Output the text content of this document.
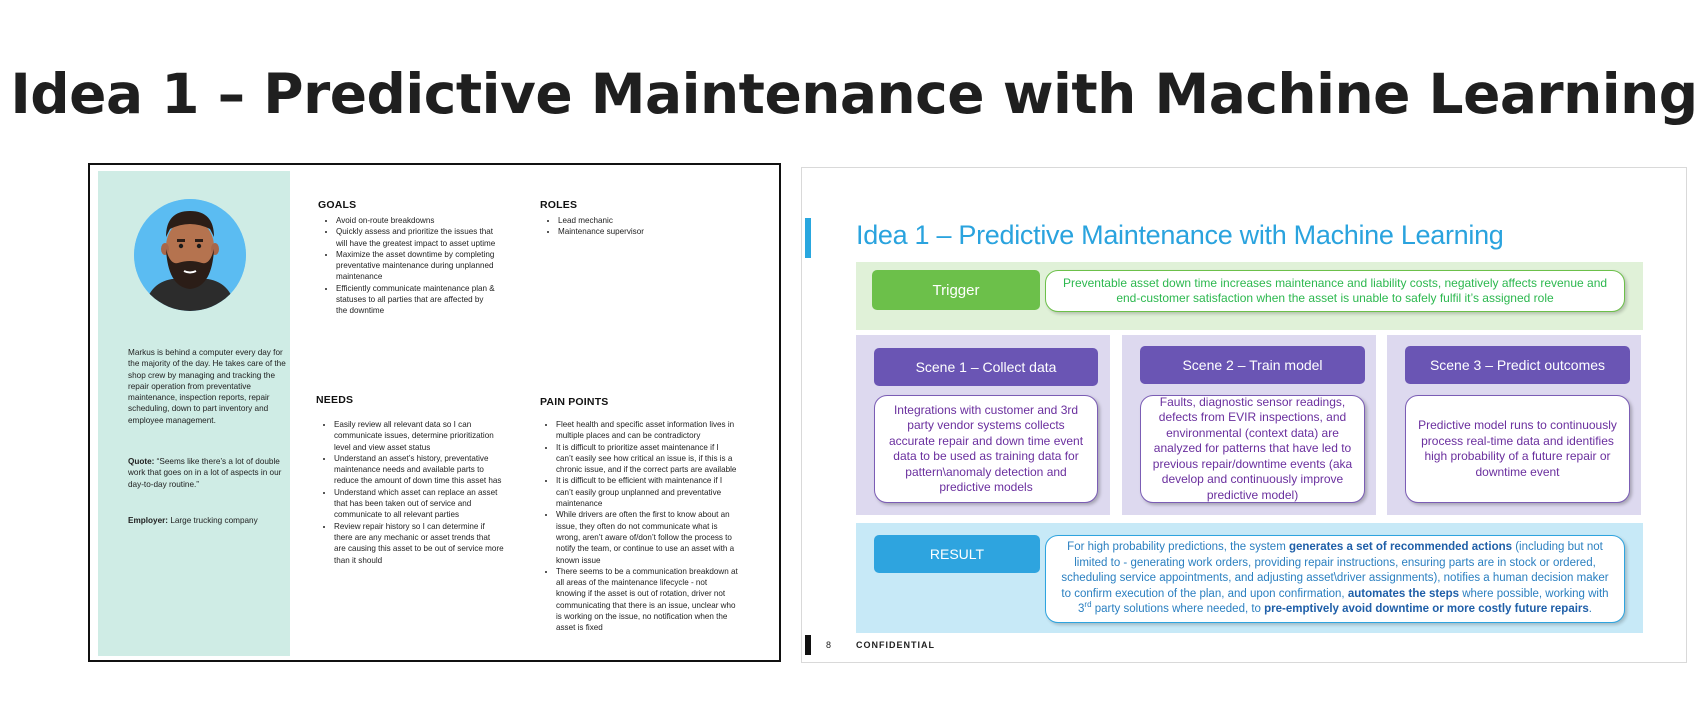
Idea 1 – Predictive Maintenance with Machine Learning
Markus is behind a computer every day for the majority of the day. He takes care of the shop crew by managing and tracking the repair operation from preventative maintenance, inspection reports, repair scheduling, down to part inventory and employee management.
Quote: “Seems like there’s a lot of double work that goes on in a lot of aspects in our day-to-day routine.”
Employer: Large trucking company
GOALS
• Avoid on-route breakdowns
• Quickly assess and prioritize the issues that will have the greatest impact to asset uptime
• Maximize the asset downtime by completing preventative maintenance during unplanned maintenance
• Efficiently communicate maintenance plan & statuses to all parties that are affected by the downtime
ROLES
• Lead mechanic
• Maintenance supervisor
NEEDS
• Easily review all relevant data so I can communicate issues, determine prioritization level and view asset status
• Understand an asset’s history, preventative maintenance needs and available parts to reduce the amount of down time this asset has
• Understand which asset can replace an asset that has been taken out of service and communicate to all relevant parties
• Review repair history so I can determine if there are any mechanic or asset trends that are causing this asset to be out of service more than it should
PAIN POINTS
• Fleet health and specific asset information lives in multiple places and can be contradictory
• It is difficult to prioritize asset maintenance if I can’t easily see how critical an issue is, if this is a chronic issue, and if the correct parts are available
• It is difficult to be efficient with maintenance if I can’t easily group unplanned and preventative maintenance
• While drivers are often the first to know about an issue, they often do not communicate what is wrong, aren’t aware of/don’t follow the process to notify the team, or continue to use an asset with a known issue
• There seems to be a communication breakdown at all areas of the maintenance lifecycle - not knowing if the asset is out of rotation, driver not communicating that there is an issue, unclear who is working on the issue, no notification when the asset is fixed
Idea 1 – Predictive Maintenance with Machine Learning
Trigger	Preventable asset down time increases maintenance and liability costs, negatively affects revenue and end-customer satisfaction when the asset is unable to safely fulfil it’s assigned role
Scene 1 – Collect data	Scene 2 – Train model	Scene 3 – Predict outcomes
Integrations with customer and 3rd party vendor systems collects accurate repair and down time event data to be used as training data for pattern\anomaly detection and predictive models
Faults, diagnostic sensor readings, defects from EVIR inspections, and environmental (context data) are analyzed for patterns that have led to previous repair/downtime events (aka develop and continuously improve predictive model)
Predictive model runs to continuously process real-time data and identifies high probability of a future repair or downtime event
RESULT	For high probability predictions, the system generates a set of recommended actions (including but not limited to - generating work orders, providing repair instructions, ensuring parts are in stock or ordered, scheduling service appointments, and adjusting asset\driver assignments), notifies a human decision maker to confirm execution of the plan, and upon confirmation, automates the steps where possible, working with 3rd party solutions where needed, to pre-emptively avoid downtime or more costly future repairs.
8	CONFIDENTIAL
